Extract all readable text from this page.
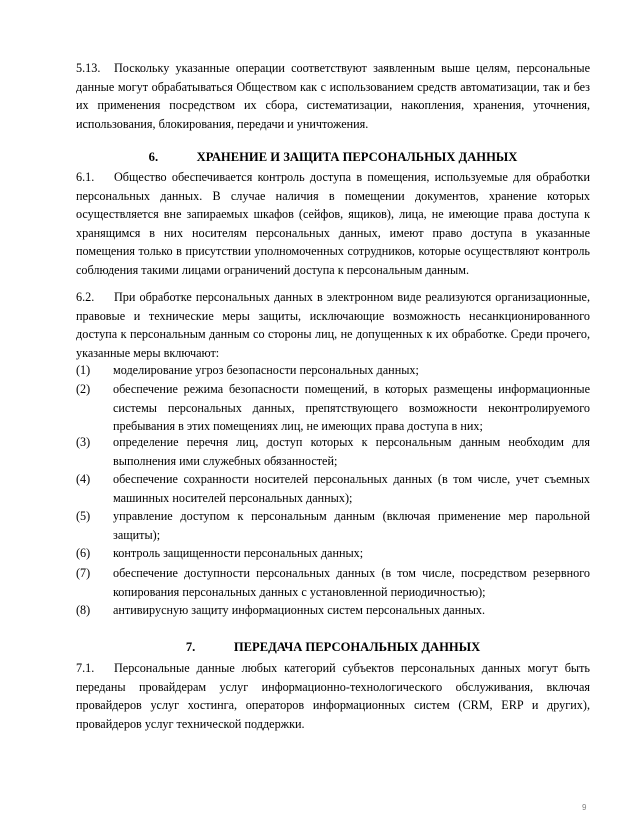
5.13. Поскольку указанные операции соответствуют заявленным выше целям, персональные данные могут обрабатываться Обществом как с использованием средств автоматизации, так и без их применения посредством их сбора, систематизации, накопления, хранения, уточнения, использования, блокирования, передачи и уничтожения.
6.	ХРАНЕНИЕ И ЗАЩИТА ПЕРСОНАЛЬНЫХ ДАННЫХ
6.1. Общество обеспечивается контроль доступа в помещения, используемые для обработки персональных данных. В случае наличия в помещении документов, хранение которых осуществляется вне запираемых шкафов (сейфов, ящиков), лица, не имеющие права доступа к хранящимся в них носителям персональных данных, имеют право доступа в указанные помещения только в присутствии уполномоченных сотрудников, которые осуществляют контроль соблюдения такими лицами ограничений доступа к персональным данным.
6.2. При обработке персональных данных в электронном виде реализуются организационные, правовые и технические меры защиты, исключающие возможность несанкционированного доступа к персональным данным со стороны лиц, не допущенных к их обработке. Среди прочего, указанные меры включают:
(1) моделирование угроз безопасности персональных данных;
(2) обеспечение режима безопасности помещений, в которых размещены информационные системы персональных данных, препятствующего возможности неконтролируемого пребывания в этих помещениях лиц, не имеющих права доступа в них;
(3) определение перечня лиц, доступ которых к персональным данным необходим для выполнения ими служебных обязанностей;
(4) обеспечение сохранности носителей персональных данных (в том числе, учет съемных машинных носителей персональных данных);
(5) управление доступом к персональным данным (включая применение мер парольной защиты);
(6) контроль защищенности персональных данных;
(7) обеспечение доступности персональных данных (в том числе, посредством резервного копирования персональных данных с установленной периодичностью);
(8) антивирусную защиту информационных систем персональных данных.
7.	ПЕРЕДАЧА ПЕРСОНАЛЬНЫХ ДАННЫХ
7.1. Персональные данные любых категорий субъектов персональных данных могут быть переданы провайдерам услуг информационно-технологического обслуживания, включая провайдеров услуг хостинга, операторов информационных систем (CRM, ERP и других), провайдеров услуг технической поддержки.
9
